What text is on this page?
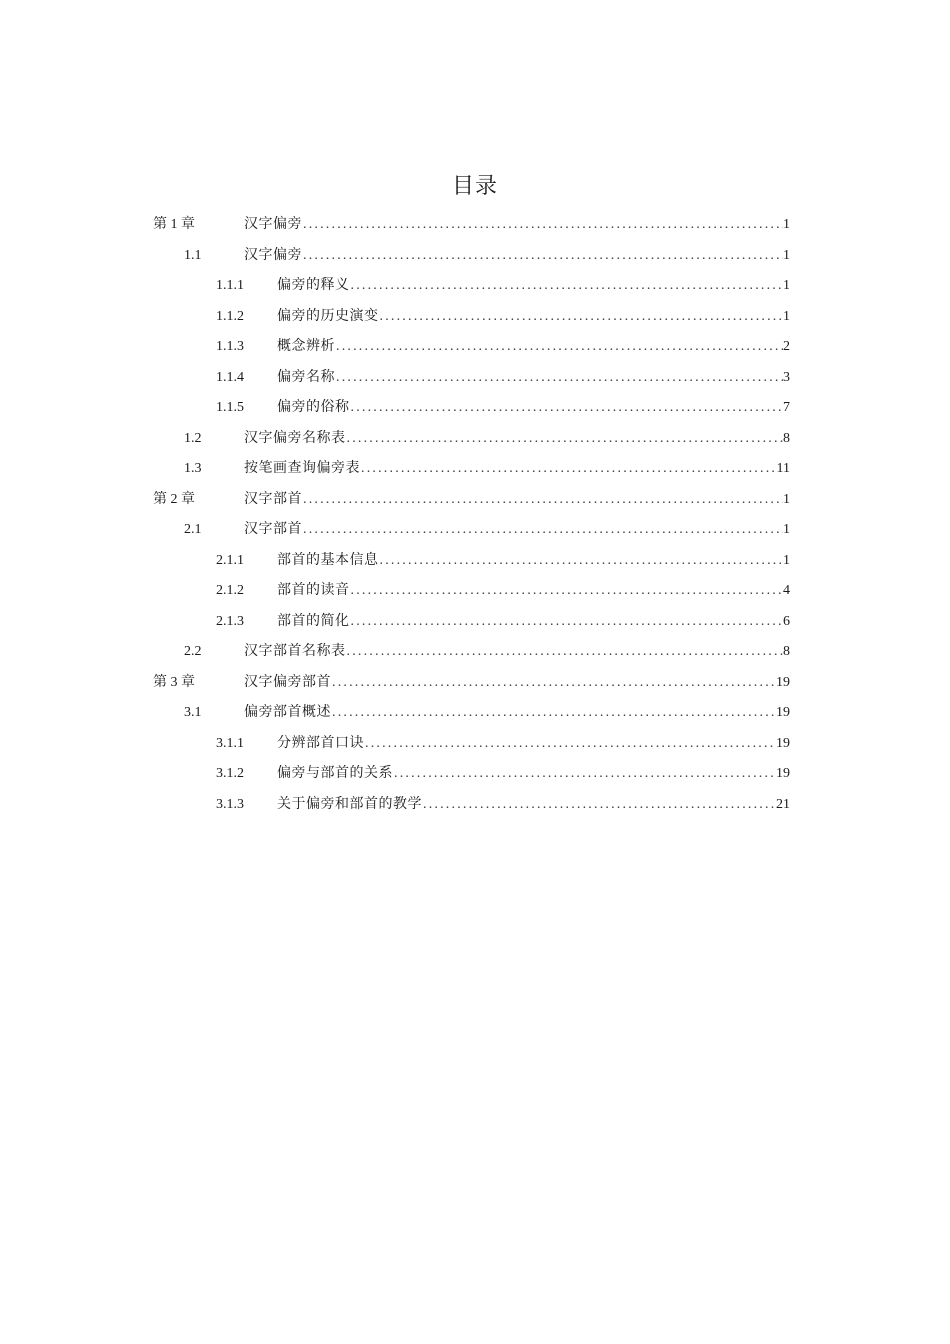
目录
第 1 章	汉字偏旁 .....	1
1.1	汉字偏旁 .....	1
1.1.1 偏旁的释义 .....	1
1.1.2 偏旁的历史演变 .....	1
1.1.3 概念辨析 .....	2
1.1.4 偏旁名称 .....	3
1.1.5 偏旁的俗称 .....	7
1.2	汉字偏旁名称表 .....	8
1.3	按笔画查询偏旁表 .....	11
第 2 章	汉字部首 .....	1
2.1	汉字部首 .....	1
2.1.1 部首的基本信息 .....	1
2.1.2 部首的读音 .....	4
2.1.3 部首的简化 .....	6
2.2	汉字部首名称表 .....	8
第 3 章	汉字偏旁部首 .....	19
3.1	偏旁部首概述 .....	19
3.1.1 分辨部首口诀 .....	19
3.1.2 偏旁与部首的关系 .....	19
3.1.3 关于偏旁和部首的教学 .....	21
